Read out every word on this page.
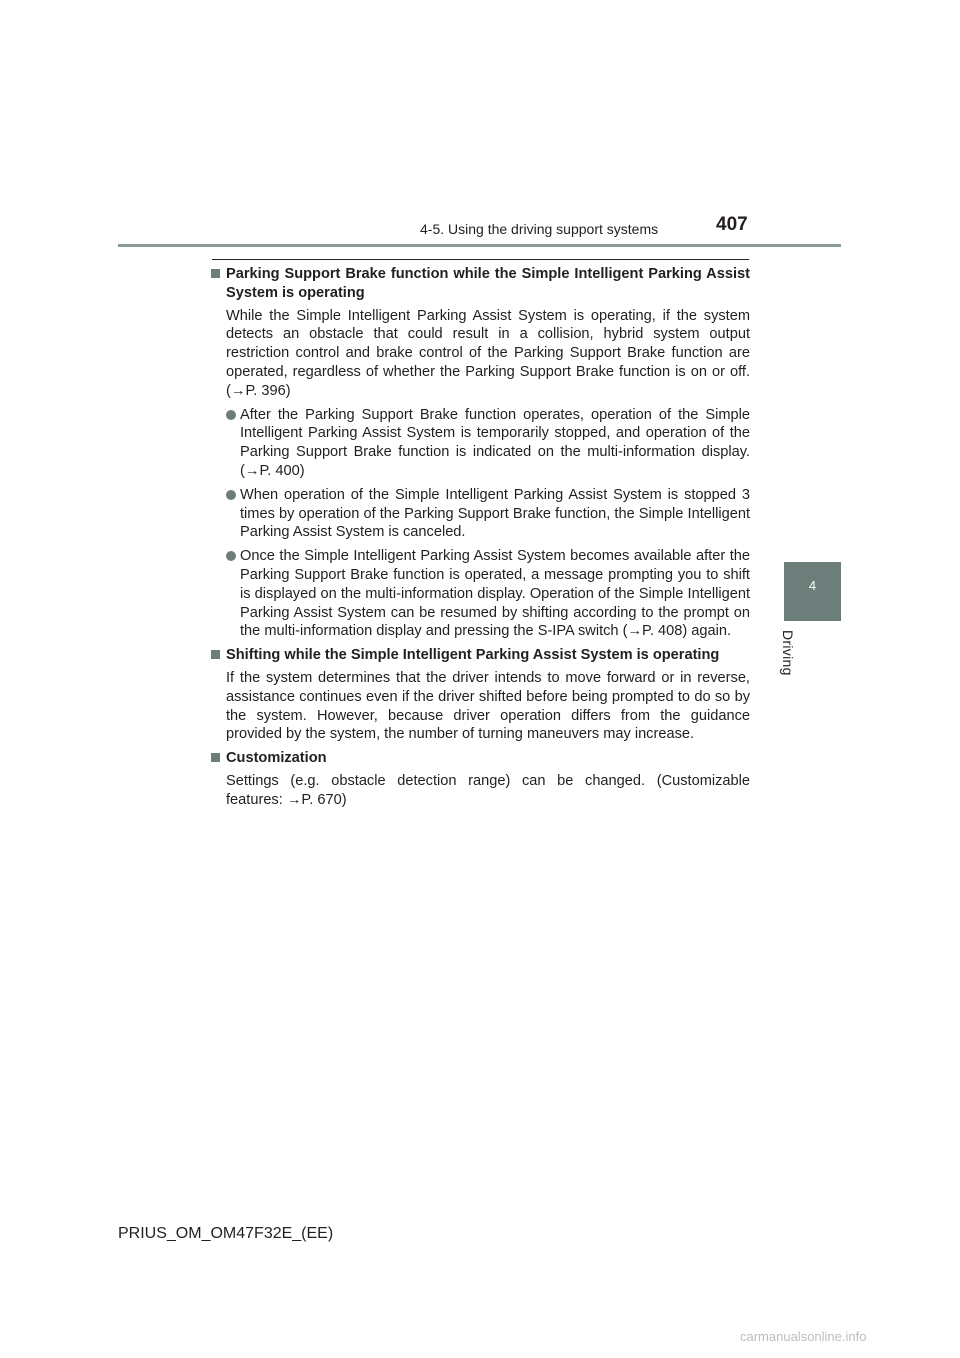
4-5. Using the driving support systems	407
4
Driving
Parking Support Brake function while the Simple Intelligent Parking Assist System is operating
While the Simple Intelligent Parking Assist System is operating, if the system detects an obstacle that could result in a collision, hybrid system output restriction control and brake control of the Parking Support Brake function are operated, regardless of whether the Parking Support Brake function is on or off. (→P. 396)
After the Parking Support Brake function operates, operation of the Simple Intelligent Parking Assist System is temporarily stopped, and operation of the Parking Support Brake function is indicated on the multi-information display. (→P. 400)
When operation of the Simple Intelligent Parking Assist System is stopped 3 times by operation of the Parking Support Brake function, the Simple Intelligent Parking Assist System is canceled.
Once the Simple Intelligent Parking Assist System becomes available after the Parking Support Brake function is operated, a message prompting you to shift is displayed on the multi-information display. Operation of the Simple Intelligent Parking Assist System can be resumed by shifting according to the prompt on the multi-information display and pressing the S-IPA switch (→P. 408) again.
Shifting while the Simple Intelligent Parking Assist System is operating
If the system determines that the driver intends to move forward or in reverse, assistance continues even if the driver shifted before being prompted to do so by the system. However, because driver operation differs from the guidance provided by the system, the number of turning maneuvers may increase.
Customization
Settings (e.g. obstacle detection range) can be changed. (Customizable features: →P. 670)
PRIUS_OM_OM47F32E_(EE)
carmanualsonline.info
